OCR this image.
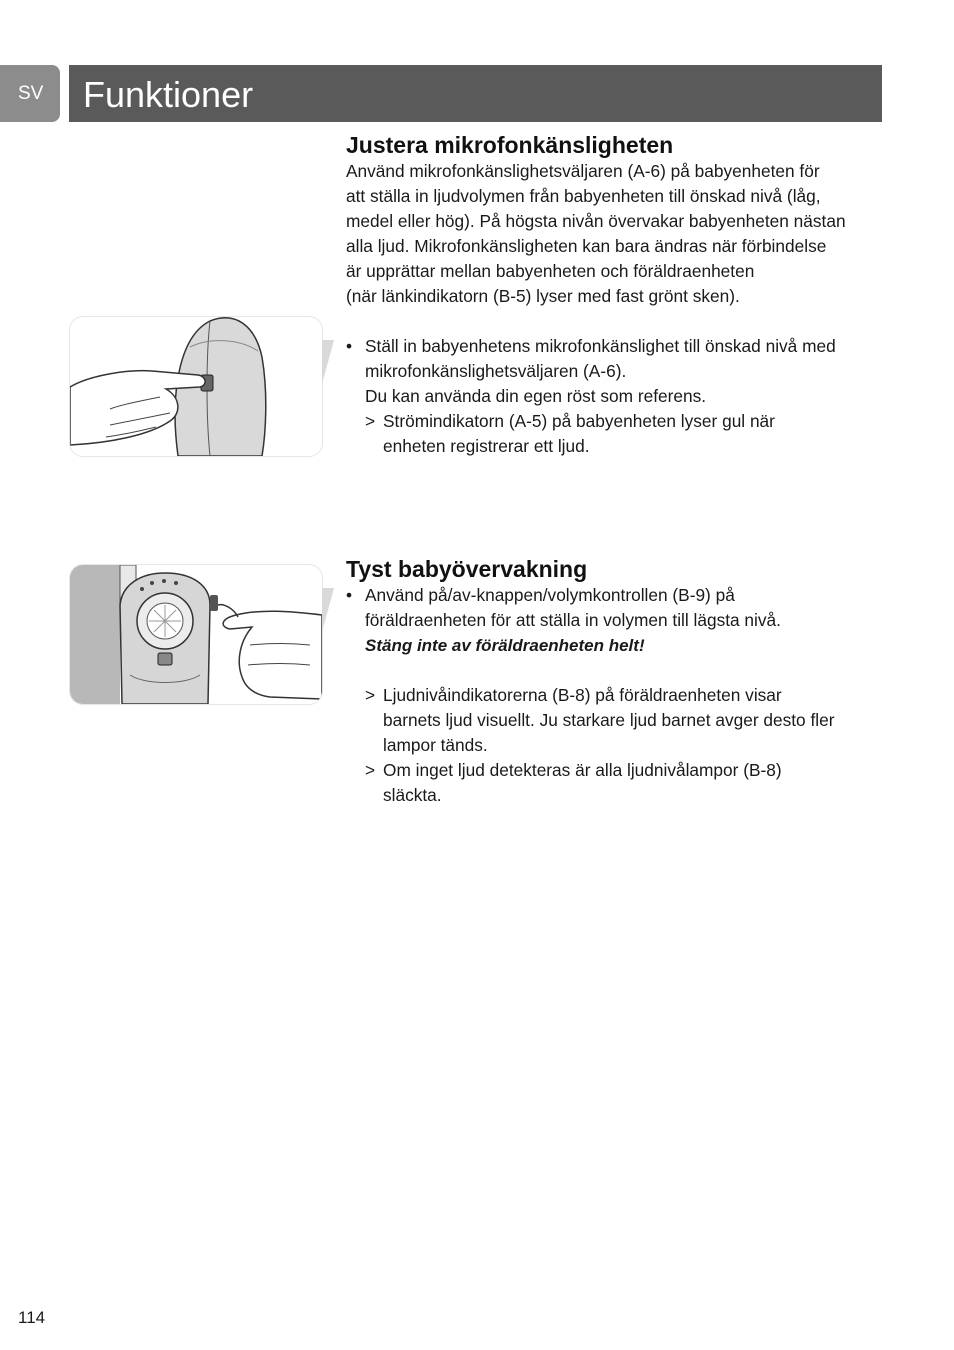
SV	Funktioner
Justera mikrofonkänsligheten
Använd mikrofonkänslighetsväljaren (A-6) på babyenheten för
att ställa in ljudvolymen från babyenheten till önskad nivå (låg,
medel eller hög). På högsta nivån övervakar babyenheten nästan
alla ljud. Mikrofonkänsligheten kan bara ändras när förbindelse
är upprättar mellan babyenheten och föräldraenheten
(när länkindikatorn (B-5) lyser med fast grönt sken).
• Ställ in babyenhetens mikrofonkänslighet till önskad nivå med
mikrofonkänslighetsväljaren (A-6).
Du kan använda din egen röst som referens.
> Strömindikatorn (A-5) på babyenheten lyser gul när
enheten registrerar ett ljud.
Tyst babyövervakning
• Använd på/av-knappen/volymkontrollen (B-9) på
föräldraenheten för att ställa in volymen till lägsta nivå.
Stäng inte av föräldraenheten helt!
> Ljudnivåindikatorerna (B-8) på föräldraenheten visar
barnets ljud visuellt. Ju starkare ljud barnet avger desto fler
lampor tänds.
> Om inget ljud detekteras är alla ljudnivålampor (B-8)
släckta.
114
